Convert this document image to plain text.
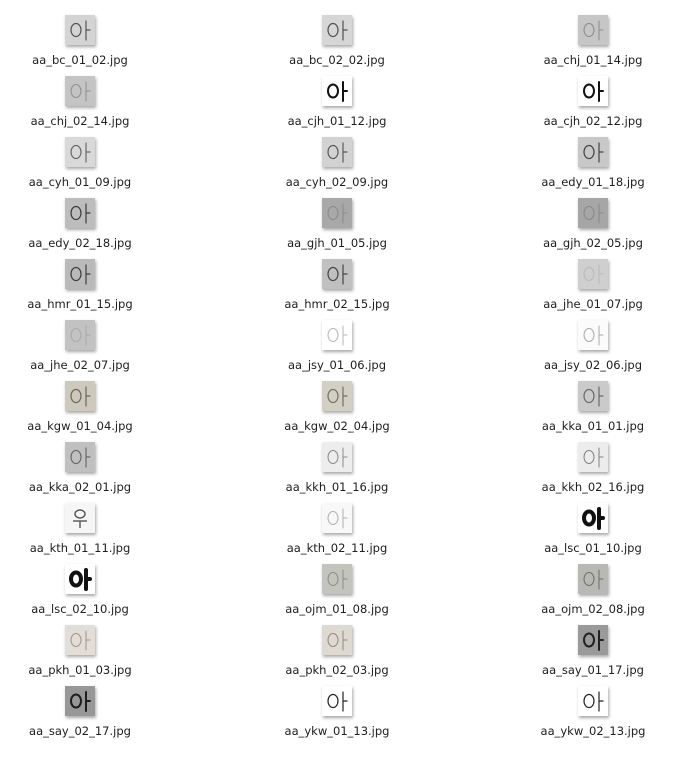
aa_bc_01_02.jpg	aa_bc_02_02.jpg	aa_chj_01_14.jpg
aa_chj_02_14.jpg	aa_cjh_01_12.jpg	aa_cjh_02_12.jpg
aa_cyh_01_09.jpg	aa_cyh_02_09.jpg	aa_edy_01_18.jpg
aa_edy_02_18.jpg	aa_gjh_01_05.jpg	aa_gjh_02_05.jpg
aa_hmr_01_15.jpg	aa_hmr_02_15.jpg	aa_jhe_01_07.jpg
aa_jhe_02_07.jpg	aa_jsy_01_06.jpg	aa_jsy_02_06.jpg
aa_kgw_01_04.jpg	aa_kgw_02_04.jpg	aa_kka_01_01.jpg
aa_kka_02_01.jpg	aa_kkh_01_16.jpg	aa_kkh_02_16.jpg
aa_kth_01_11.jpg	aa_kth_02_11.jpg	aa_lsc_01_10.jpg
aa_lsc_02_10.jpg	aa_ojm_01_08.jpg	aa_ojm_02_08.jpg
aa_pkh_01_03.jpg	aa_pkh_02_03.jpg	aa_say_01_17.jpg
aa_say_02_17.jpg	aa_ykw_01_13.jpg	aa_ykw_02_13.jpg
